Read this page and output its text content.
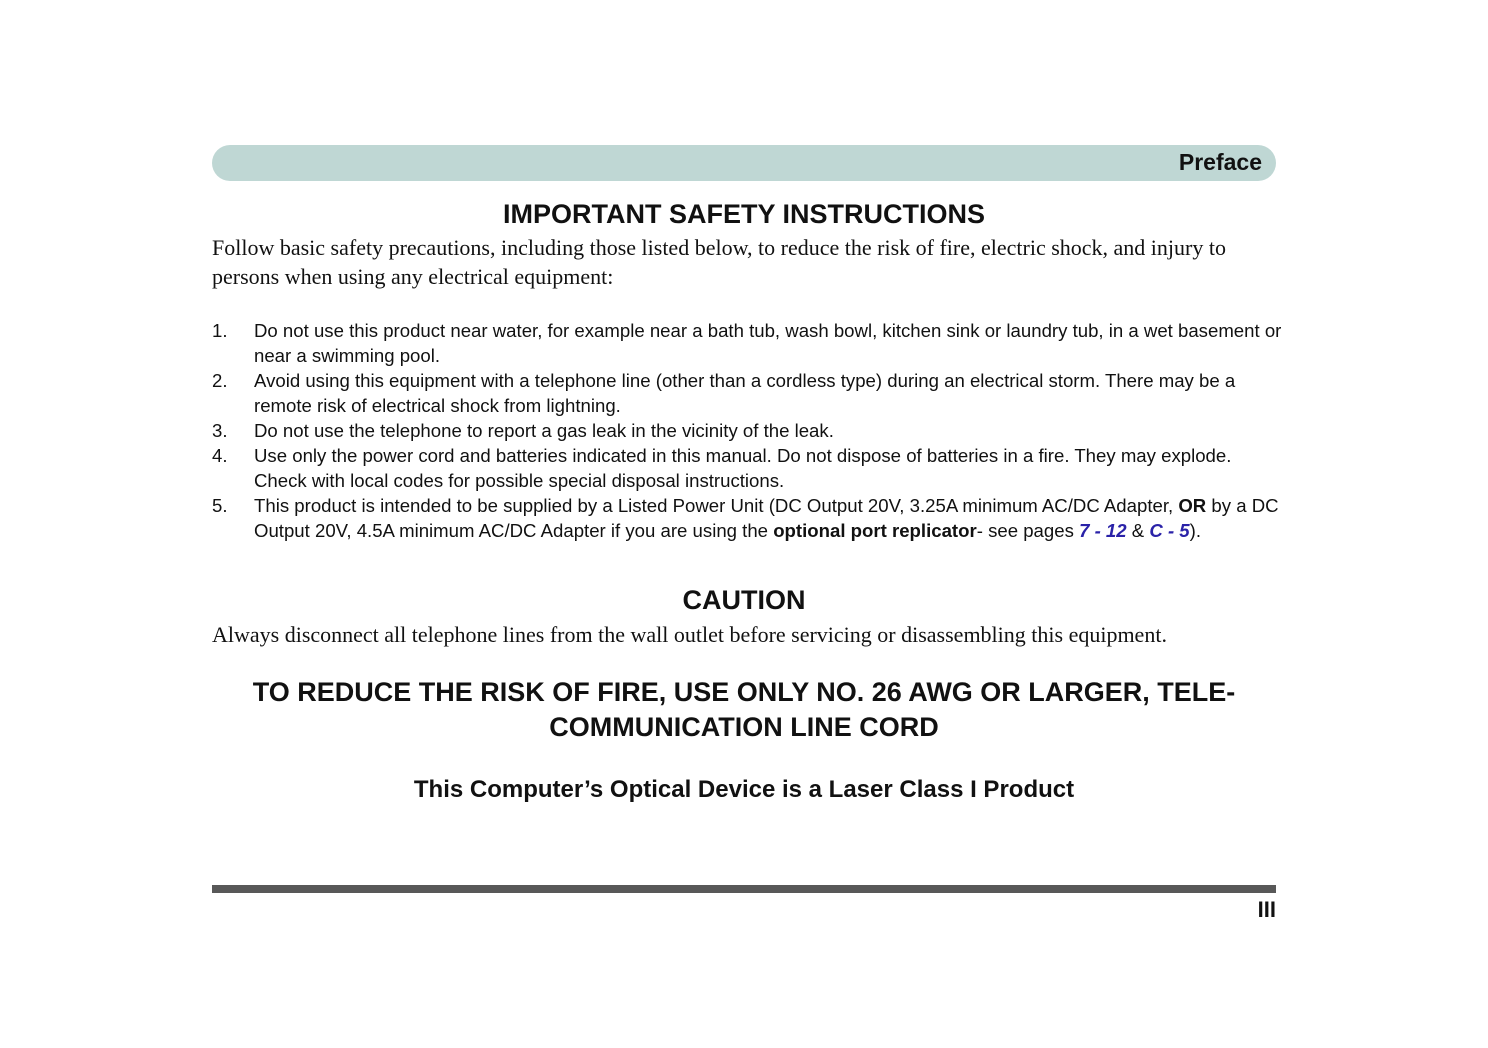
Preface
IMPORTANT SAFETY INSTRUCTIONS

Follow basic safety precautions, including those listed below, to reduce the risk of fire, electric shock, and injury to persons when using any electrical equipment:

1. Do not use this product near water, for example near a bath tub, wash bowl, kitchen sink or laundry tub, in a wet basement or near a swimming pool.
2. Avoid using this equipment with a telephone line (other than a cordless type) during an electrical storm. There may be a remote risk of electrical shock from lightning.
3. Do not use the telephone to report a gas leak in the vicinity of the leak.
4. Use only the power cord and batteries indicated in this manual. Do not dispose of batteries in a fire. They may explode. Check with local codes for possible special disposal instructions.
5. This product is intended to be supplied by a Listed Power Unit (DC Output 20V, 3.25A minimum AC/DC Adapter, OR by a DC Output 20V, 4.5A minimum AC/DC Adapter if you are using the optional port replicator- see pages 7 - 12 & C - 5).
CAUTION

Always disconnect all telephone lines from the wall outlet before servicing or disassembling this equipment.

TO REDUCE THE RISK OF FIRE, USE ONLY NO. 26 AWG OR LARGER, TELE-
COMMUNICATION LINE CORD
This Computer’s Optical Device is a Laser Class I Product
III
